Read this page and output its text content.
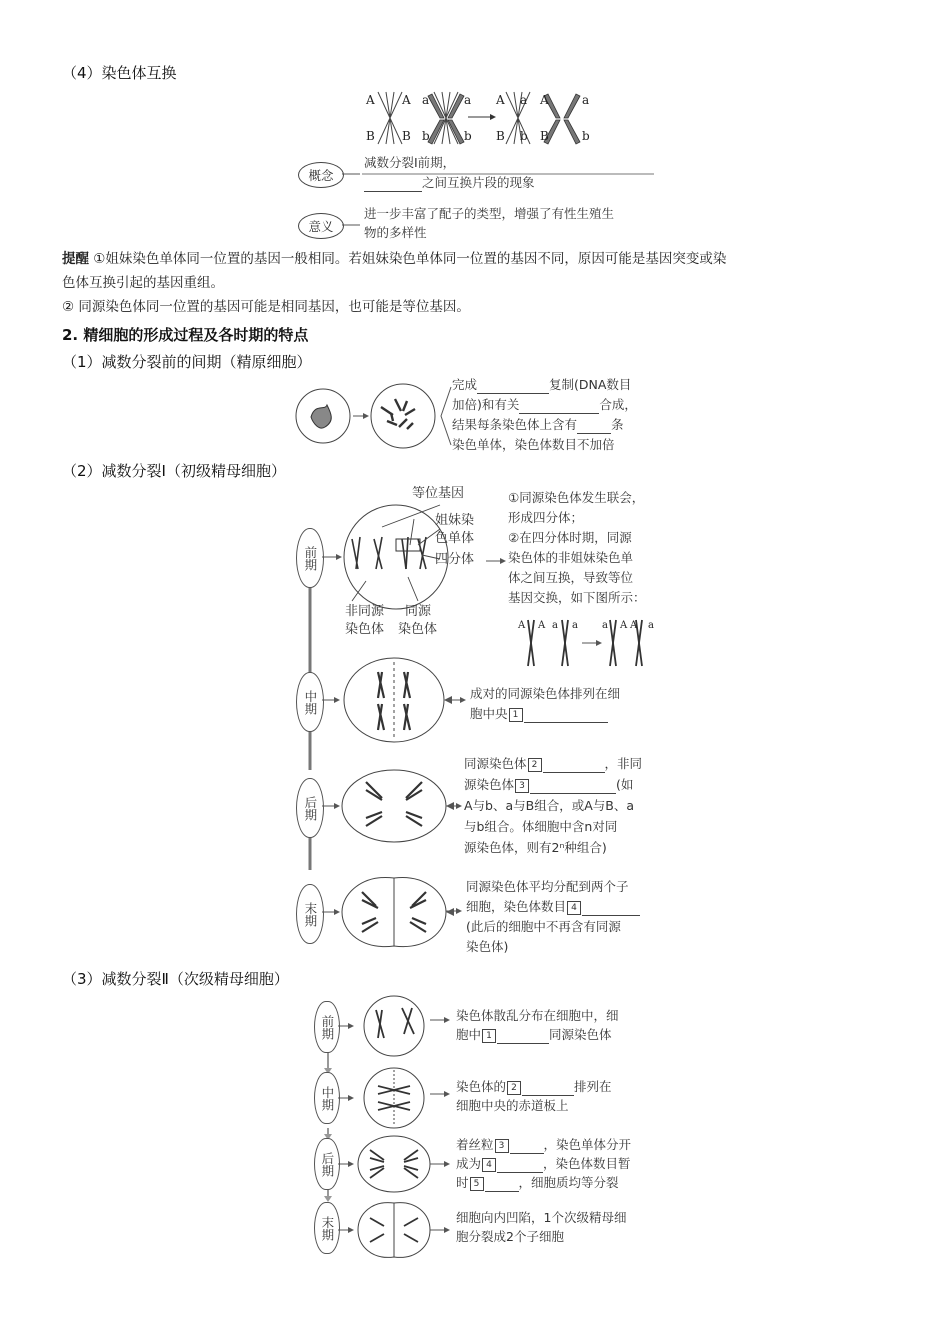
（4）染色体互换
A A a	a
B B b	b
A a A	a
B b B	b
概念
意义
减数分裂Ⅰ前期，
之间互换片段的现象
进一步丰富了配子的类型，增强了有性生殖生
物的多样性
提醒 ①姐妹染色单体同一位置的基因一般相同。若姐妹染色单体同一位置的基因不同，原因可能是基因突变或染
色体互换引起的基因重组。
② 同源染色体同一位置的基因可能是相同基因，也可能是等位基因。
2. 精细胞的形成过程及各时期的特点
（1）减数分裂前的间期（精原细胞）
完成	复制(DNA数目
加倍)和有关	合成，
结果每条染色体上含有	条
染色单体，染色体数目不加倍
（2）减数分裂Ⅰ（初级精母细胞）
前期
中期
后期
末期
等位基因
姐妹染
色单体
四分体
非同源
染色体
同源
染色体
①同源染色体发生联会，
形成四分体；
②在四分体时期，同源
染色体的非姐妹染色单
体之间互换，导致等位
基因交换，如下图所示：
A A a a a A A a
成对的同源染色体排列在细
胞中央 1
同源染色体 2	，非同
源染色体 3	(如
A与b、a与B组合，或A与B、a
与b组合。体细胞中含n对同
源染色体，则有2ⁿ种组合)
同源染色体平均分配到两个子
细胞，染色体数目 4
(此后的细胞中不再含有同源
染色体)
（3）减数分裂Ⅱ（次级精母细胞）
前期
中期
后期
末期
染色体散乱分布在细胞中，细
胞中 1	同源染色体
染色体的 2	排列在
细胞中央的赤道板上
着丝粒 3	，染色单体分开
成为 4	，染色体数目暂
时 5	，细胞质均等分裂
细胞向内凹陷，1个次级精母细
胞分裂成2个子细胞
